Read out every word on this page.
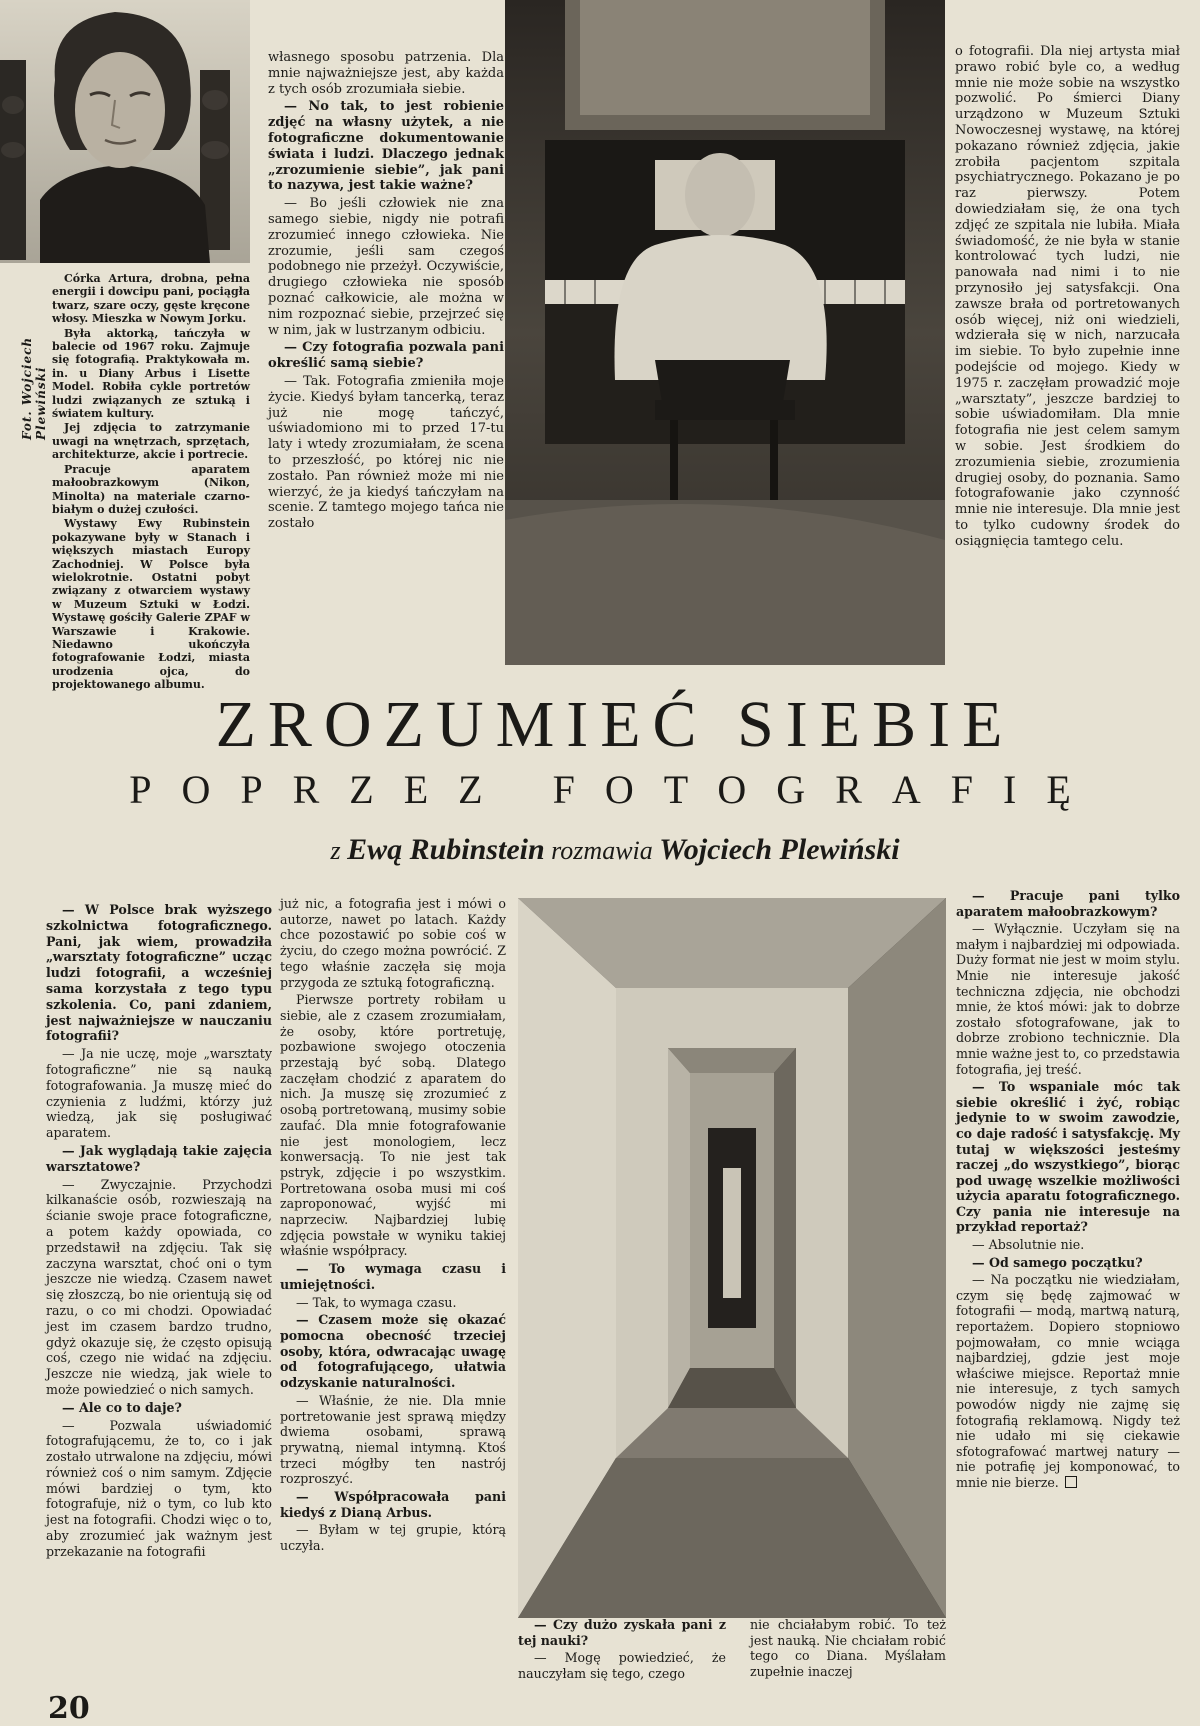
Fot. Wojciech Plewiński

Córka Artura, drobna, pełna energii i dowcipu pani, pociągła twarz, szare oczy, gęste kręcone włosy. Mieszka w Nowym Jorku.

Była aktorką, tańczyła w balecie od 1967 roku. Zajmuje się fotografią. Praktykowała m. in. u Diany Arbus i Lisette Model. Robiła cykle portretów ludzi związanych ze sztuką i światem kultury.

Jej zdjęcia to zatrzymanie uwagi na wnętrzach, sprzętach, architekturze, akcie i portrecie.

Pracuje aparatem małoobrazkowym (Nikon, Minolta) na materiale czarno-białym o dużej czułości.

Wystawy Ewy Rubinstein pokazywane były w Stanach i większych miastach Europy Zachodniej. W Polsce była wielokrotnie. Ostatni pobyt związany z otwarciem wystawy w Muzeum Sztuki w Łodzi. Wystawę gościły Galerie ZPAF w Warszawie i Krakowie. Niedawno ukończyła fotografowanie Łodzi, miasta urodzenia ojca, do projektowanego albumu.

własnego sposobu patrzenia. Dla mnie najważniejsze jest, aby każda z tych osób zrozumiała siebie.

— No tak, to jest robienie zdjęć na własny użytek, a nie fotograficzne dokumentowanie świata i ludzi. Dlaczego jednak „zrozumienie siebie”, jak pani to nazywa, jest takie ważne?

— Bo jeśli człowiek nie zna samego siebie, nigdy nie potrafi zrozumieć innego człowieka. Nie zrozumie, jeśli sam czegoś podobnego nie przeżył. Oczywiście, drugiego człowieka nie sposób poznać całkowicie, ale można w nim rozpoznać siebie, przejrzeć się w nim, jak w lustrzanym odbiciu.

— Czy fotografia pozwala pani określić samą siebie?

— Tak. Fotografia zmieniła moje życie. Kiedyś byłam tancerką, teraz już nie mogę tańczyć, uświadomiono mi to przed 17-tu laty i wtedy zrozumiałam, że scena to przeszłość, po której nic nie zostało. Pan również może mi nie wierzyć, że ja kiedyś tańczyłam na scenie. Z tamtego mojego tańca nie zostało

o fotografii. Dla niej artysta miał prawo robić byle co, a według mnie nie może sobie na wszystko pozwolić. Po śmierci Diany urządzono w Muzeum Sztuki Nowoczesnej wystawę, na której pokazano również zdjęcia, jakie zrobiła pacjentom szpitala psychiatrycznego. Pokazano je po raz pierwszy. Potem dowiedziałam się, że ona tych zdjęć ze szpitala nie lubiła. Miała świadomość, że nie była w stanie kontrolować tych ludzi, nie panowała nad nimi i to nie przynosiło jej satysfakcji. Ona zawsze brała od portretowanych osób więcej, niż oni wiedzieli, wdzierała się w nich, narzucała im siebie. To było zupełnie inne podejście od mojego. Kiedy w 1975 r. zaczęłam prowadzić moje „warsztaty”, jeszcze bardziej to sobie uświadomiłam. Dla mnie fotografia nie jest celem samym w sobie. Jest środkiem do zrozumienia siebie, zrozumienia drugiej osoby, do poznania. Samo fotografowanie jako czynność mnie nie interesuje. Dla mnie jest to tylko cudowny środek do osiągnięcia tamtego celu.

ZROZUMIEĆ SIEBIE
POPRZEZ FOTOGRAFIĘ
z Ewą Rubinstein rozmawia Wojciech Plewiński

— W Polsce brak wyższego szkolnictwa fotograficznego. Pani, jak wiem, prowadziła „warsztaty fotograficzne” ucząc ludzi fotografii, a wcześniej sama korzystała z tego typu szkolenia. Co, pani zdaniem, jest najważniejsze w nauczaniu fotografii?

— Ja nie uczę, moje „warsztaty fotograficzne” nie są nauką fotografowania. Ja muszę mieć do czynienia z ludźmi, którzy już wiedzą, jak się posługiwać aparatem.

— Jak wyglądają takie zajęcia warsztatowe?

— Zwyczajnie. Przychodzi kilkanaście osób, rozwieszają na ścianie swoje prace fotograficzne, a potem każdy opowiada, co przedstawił na zdjęciu. Tak się zaczyna warsztat, choć oni o tym jeszcze nie wiedzą. Czasem nawet się złoszczą, bo nie orientują się od razu, o co mi chodzi. Opowiadać jest im czasem bardzo trudno, gdyż okazuje się, że często opisują coś, czego nie widać na zdjęciu. Jeszcze nie wiedzą, jak wiele to może powiedzieć o nich samych.

— Ale co to daje?

— Pozwala uświadomić fotografującemu, że to, co i jak zostało utrwalone na zdjęciu, mówi również coś o nim samym. Zdjęcie mówi bardziej o tym, kto fotografuje, niż o tym, co lub kto jest na fotografii. Chodzi więc o to, aby zrozumieć jak ważnym jest przekazanie na fotografii

już nic, a fotografia jest i mówi o autorze, nawet po latach. Każdy chce pozostawić po sobie coś w życiu, do czego można powrócić. Z tego właśnie zaczęła się moja przygoda ze sztuką fotograficzną.

Pierwsze portrety robiłam u siebie, ale z czasem zrozumiałam, że osoby, które portretuję, pozbawione swojego otoczenia przestają być sobą. Dlatego zaczęłam chodzić z aparatem do nich. Ja muszę się zrozumieć z osobą portretowaną, musimy sobie zaufać. Dla mnie fotografowanie nie jest monologiem, lecz konwersacją. To nie jest tak pstryk, zdjęcie i po wszystkim. Portretowana osoba musi mi coś zaproponować, wyjść mi naprzeciw. Najbardziej lubię zdjęcia powstałe w wyniku takiej właśnie współpracy.

— To wymaga czasu i umiejętności.

— Tak, to wymaga czasu.

— Czasem może się okazać pomocna obecność trzeciej osoby, która, odwracając uwagę od fotografującego, ułatwia odzyskanie naturalności.

— Właśnie, że nie. Dla mnie portretowanie jest sprawą między dwiema osobami, sprawą prywatną, niemal intymną. Ktoś trzeci mógłby ten nastrój rozproszyć.

— Współpracowała pani kiedyś z Dianą Arbus.

— Byłam w tej grupie, którą uczyła.

— Czy dużo zyskała pani z tej nauki?

— Mogę powiedzieć, że nauczyłam się tego, czego

nie chciałabym robić. To też jest nauką. Nie chciałam robić tego co Diana. Myślałam zupełnie inaczej

— Pracuje pani tylko aparatem małoobrazkowym?

— Wyłącznie. Uczyłam się na małym i najbardziej mi odpowiada. Duży format nie jest w moim stylu. Mnie nie interesuje jakość techniczna zdjęcia, nie obchodzi mnie, że ktoś mówi: jak to dobrze zostało sfotografowane, jak to dobrze zrobiono technicznie. Dla mnie ważne jest to, co przedstawia fotografia, jej treść.

— To wspaniale móc tak siebie określić i żyć, robiąc jedynie to w swoim zawodzie, co daje radość i satysfakcję. My tutaj w większości jesteśmy raczej „do wszystkiego”, biorąc pod uwagę wszelkie możliwości użycia aparatu fotograficznego. Czy pania nie interesuje na przykład reportaż?

— Absolutnie nie.

— Od samego początku?

— Na początku nie wiedziałam, czym się będę zajmować w fotografii — modą, martwą naturą, reportażem. Dopiero stopniowo pojmowałam, co mnie wciąga najbardziej, gdzie jest moje właściwe miejsce. Reportaż mnie nie interesuje, z tych samych powodów nigdy nie zajmę się fotografią reklamową. Nigdy też nie udało mi się ciekawie sfotografować martwej natury — nie potrafię jej komponować, to mnie nie bierze.

20
